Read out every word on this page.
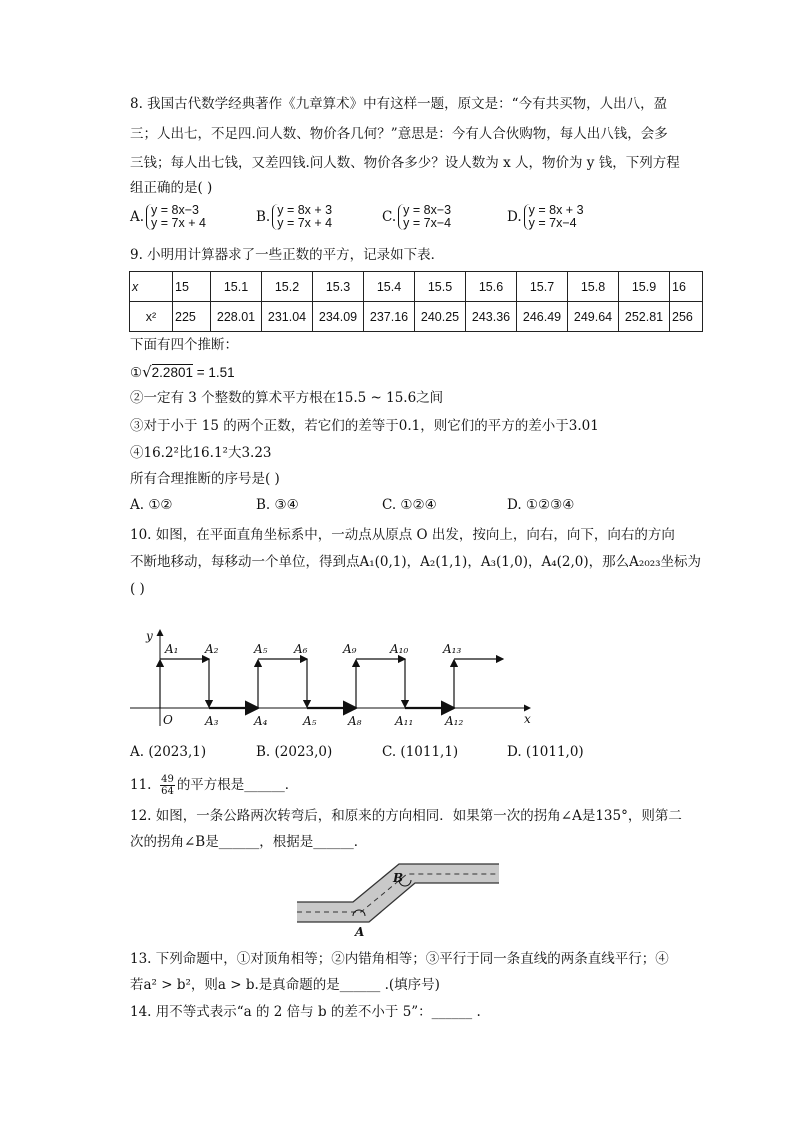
8. 我国古代数学经典著作《九章算术》中有这样一题，原文是：“今有共买物，人出八，盈
三；人出七，不足四.问人数、物价各几何？”意思是：今有人合伙购物，每人出八钱，会多
三钱；每人出七钱，又差四钱.问人数、物价各多少？设人数为 x 人，物价为 y 钱，下列方程
组正确的是( )
A. y = 8x−3
y = 7x + 4	B. y = 8x + 3
y = 7x + 4	C. y = 8x−3
y = 7x−4	D. y = 8x + 3
y = 7x−4
9. 小明用计算器求了一些正数的平方，记录如下表．
x	15	15.1	15.2	15.3	15.4	15.5	15.6	15.7	15.8	15.9	16
x²	225	228.01	231.04	234.09	237.16	240.25	243.36	246.49	249.64	252.81	256
下面有四个推断：
①√2.2801 = 1.51
②一定有 3 个整数的算术平方根在15.5 ~ 15.6之间
③对于小于 15 的两个正数，若它们的差等于0.1，则它们的平方的差小于3.01
④16.2²比16.1²大3.23
所有合理推断的序号是( )
A. ①②	B. ③④	C. ①②④	D. ①②③④
10. 如图，在平面直角坐标系中，一动点从原点 O 出发，按向上，向右，向下，向右的方向
不断地移动，每移动一个单位，得到点A₁(0,1)，A₂(1,1)，A₃(1,0)，A₄(2,0)，那么A₂₀₂₃坐标为
( )
y
x
O
A₁ A₂	A₅ A₆	A₉	A₁₀	A₁₃
A₃	A₄	A₅	A₈	A₁₁	A₁₂
A. (2023,1)	B. (2023,0)	C. (1011,1)	D. (1011,0)
11. $\frac{49}{64}$ 的平方根是______．
12. 如图，一条公路两次转弯后，和原来的方向相同．如果第一次的拐角∠A是135°，则第二
次的拐角∠B是______，根据是______．
A
B
13. 下列命题中，①对顶角相等；②内错角相等；③平行于同一条直线的两条直线平行；④
若a² > b²，则a > b.是真命题的是______ .(填序号)
14. 用不等式表示“a 的 2 倍与 b 的差不小于 5”：______ .
